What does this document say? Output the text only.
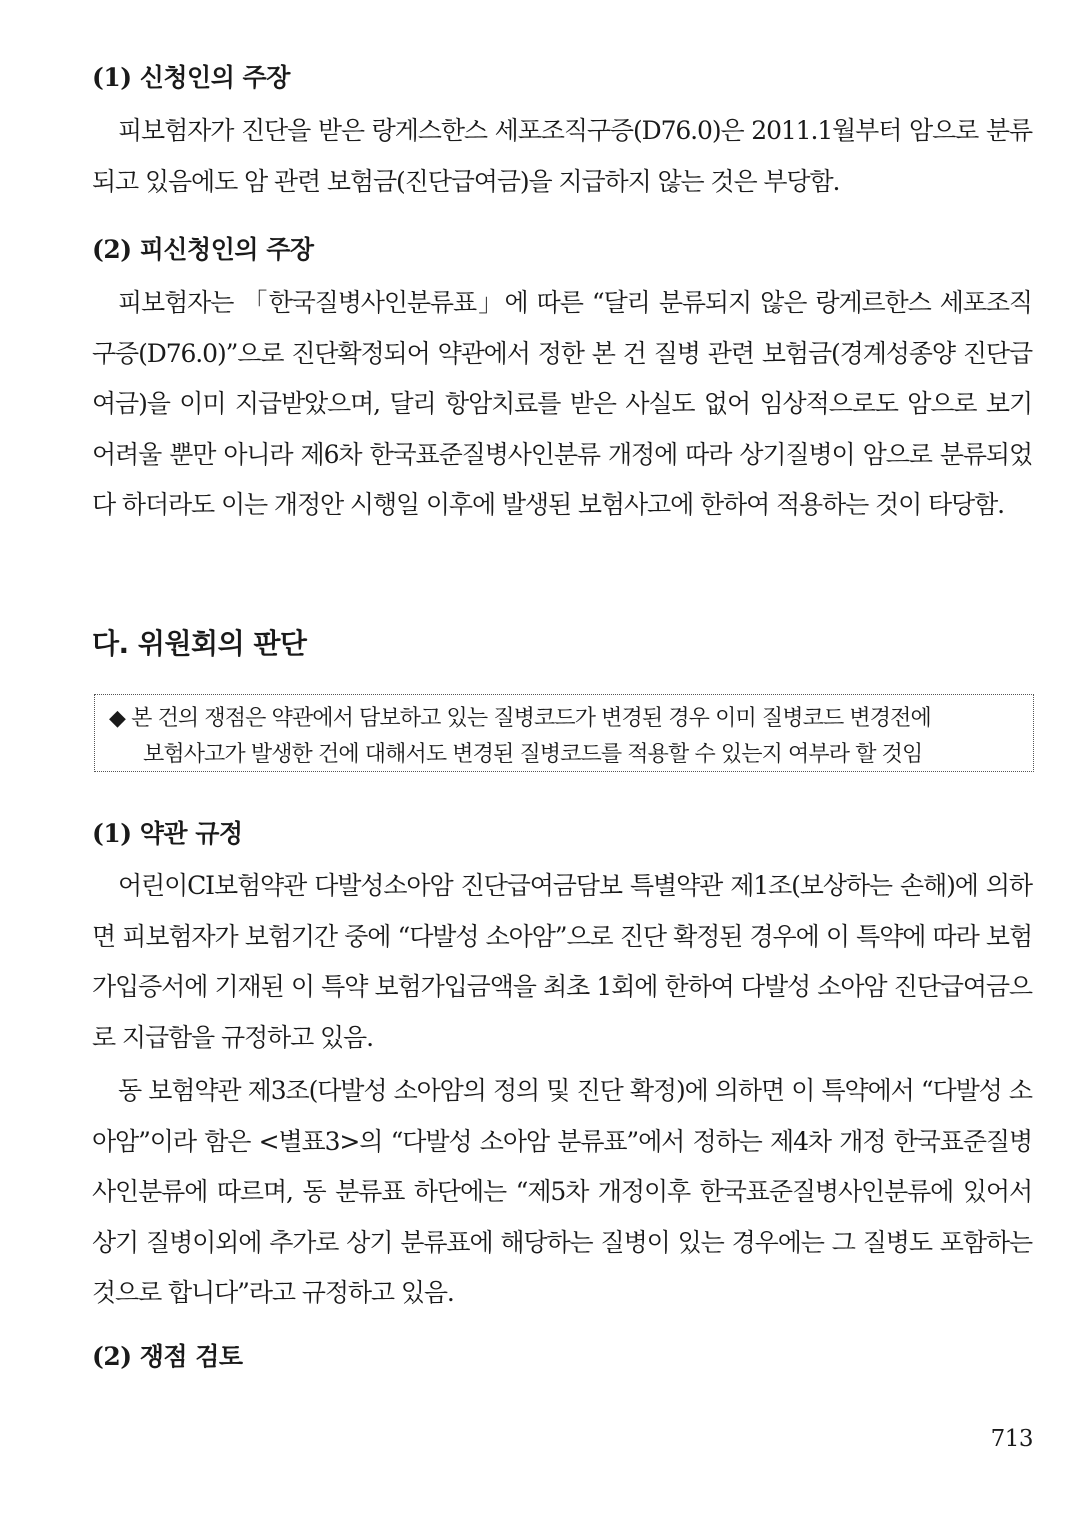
(1) 신청인의 주장

피보험자가 진단을 받은 랑게스한스 세포조직구증(D76.0)은 2011.1월부터 암으로 분류되고 있음에도 암 관련 보험금(진단급여금)을 지급하지 않는 것은 부당함.

(2) 피신청인의 주장

피보험자는 「한국질병사인분류표」에 따른 “달리 분류되지 않은 랑게르한스 세포조직구증(D76.0)”으로 진단확정되어 약관에서 정한 본 건 질병 관련 보험금(경계성종양 진단급여금)을 이미 지급받았으며, 달리 항암치료를 받은 사실도 없어 임상적으로도 암으로 보기 어려울 뿐만 아니라 제6차 한국표준질병사인분류 개정에 따라 상기질병이 암으로 분류되었다 하더라도 이는 개정안 시행일 이후에 발생된 보험사고에 한하여 적용하는 것이 타당함.

다. 위원회의 판단
◆ 본 건의 쟁점은 약관에서 담보하고 있는 질병코드가 변경된 경우 이미 질병코드 변경전에
보험사고가 발생한 건에 대해서도 변경된 질병코드를 적용할 수 있는지 여부라 할 것임
(1) 약관 규정

어린이CI보험약관 다발성소아암 진단급여금담보 특별약관 제1조(보상하는 손해)에 의하면 피보험자가 보험기간 중에 “다발성 소아암”으로 진단 확정된 경우에 이 특약에 따라 보험가입증서에 기재된 이 특약 보험가입금액을 최초 1회에 한하여 다발성 소아암 진단급여금으로 지급함을 규정하고 있음.

동 보험약관 제3조(다발성 소아암의 정의 및 진단 확정)에 의하면 이 특약에서 “다발성 소아암”이라 함은 <별표3>의 “다발성 소아암 분류표”에서 정하는 제4차 개정 한국표준질병사인분류에 따르며, 동 분류표 하단에는 “제5차 개정이후 한국표준질병사인분류에 있어서 상기 질병이외에 추가로 상기 분류표에 해당하는 질병이 있는 경우에는 그 질병도 포함하는 것으로 합니다”라고 규정하고 있음.

(2) 쟁점 검토
713
